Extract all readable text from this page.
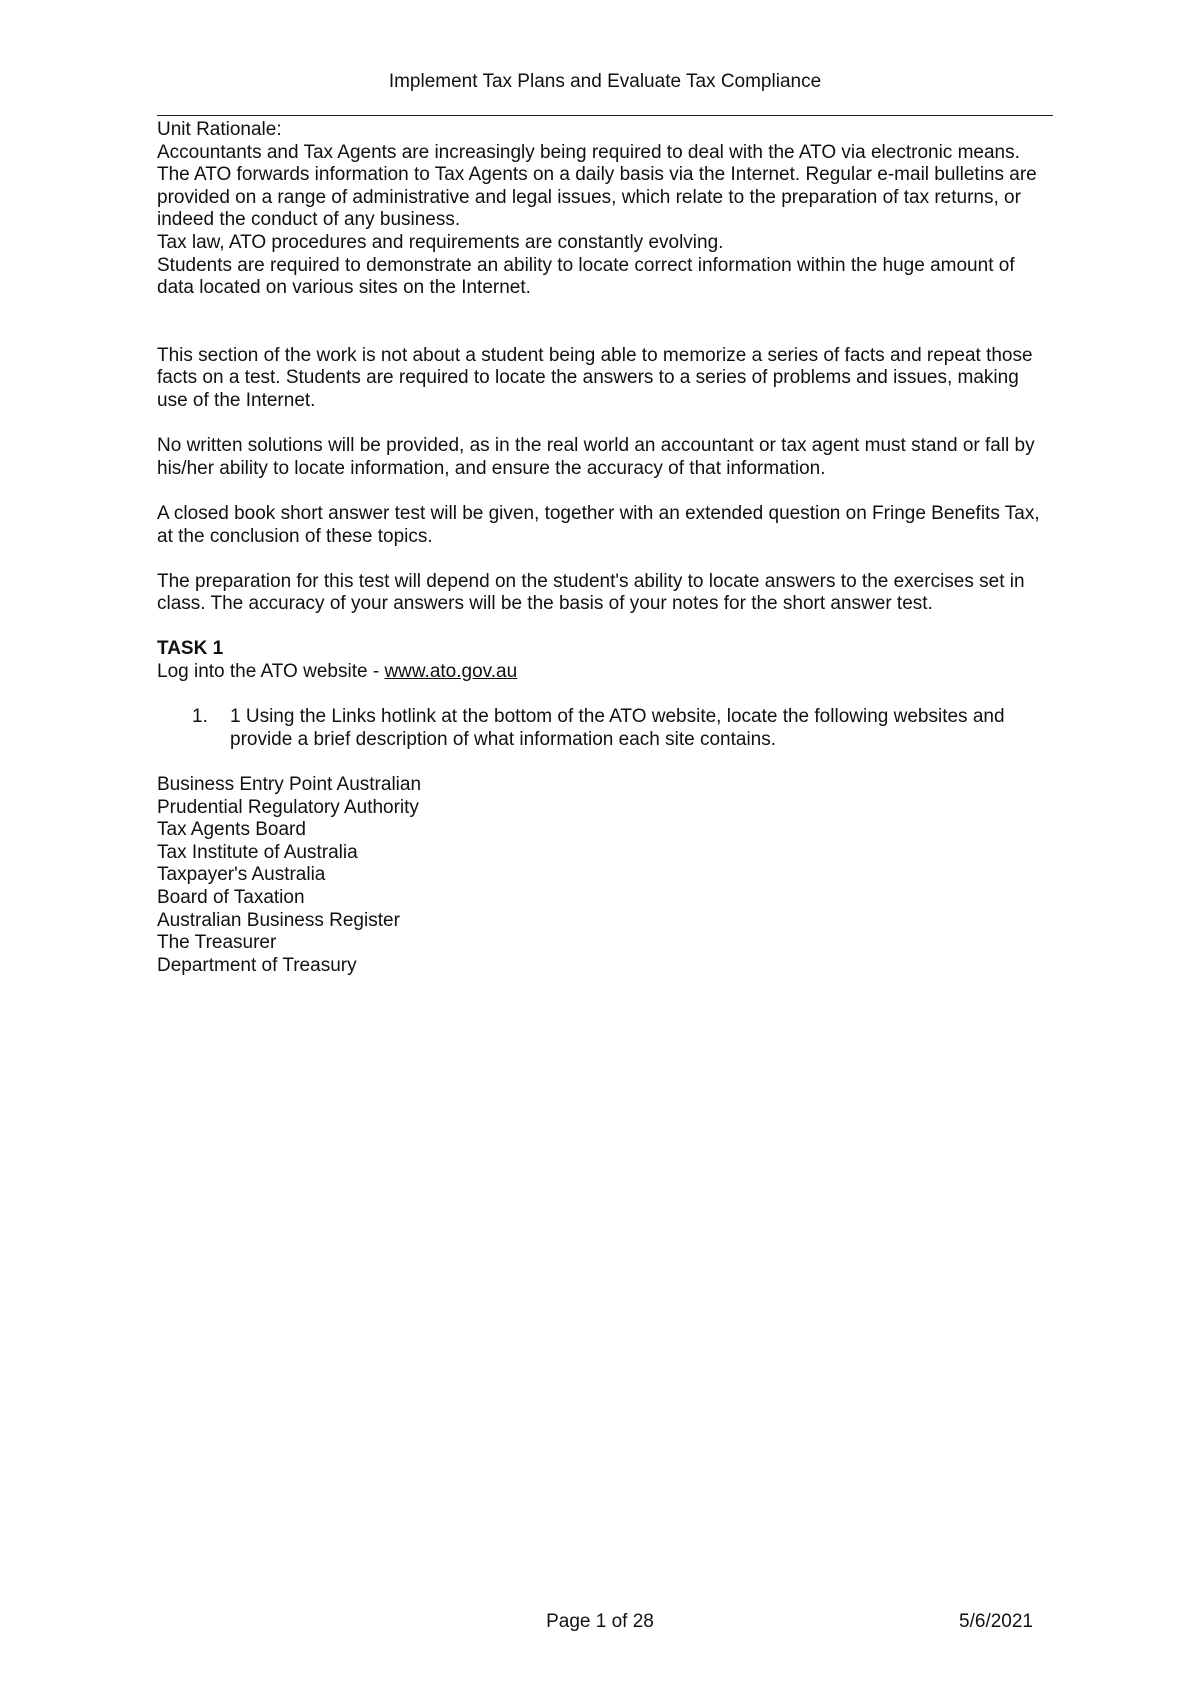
Implement Tax Plans and Evaluate Tax Compliance

Unit Rationale:

Accountants and Tax Agents are increasingly being required to deal with the ATO via electronic means.

The ATO forwards information to Tax Agents on a daily basis via the Internet. Regular e-mail bulletins are provided on a range of administrative and legal issues, which relate to the preparation of tax returns, or indeed the conduct of any business.

Tax law, ATO procedures and requirements are constantly evolving.

Students are required to demonstrate an ability to locate correct information within the huge amount of data located on various sites on the Internet.

This section of the work is not about a student being able to memorize a series of facts and repeat those facts on a test. Students are required to locate the answers to a series of problems and issues, making use of the Internet.

No written solutions will be provided, as in the real world an accountant or tax agent must stand or fall by his/her ability to locate information, and ensure the accuracy of that information.

A closed book short answer test will be given, together with an extended question on Fringe Benefits Tax, at the conclusion of these topics.

The preparation for this test will depend on the student's ability to locate answers to the exercises set in class. The accuracy of your answers will be the basis of your notes for the short answer test.

TASK 1

Log into the ATO website - www.ato.gov.au

1. 1 Using the Links hotlink at the bottom of the ATO website, locate the following websites and provide a brief description of what information each site contains.

Business Entry Point Australian

Prudential Regulatory Authority

Tax Agents Board

Tax Institute of Australia

Taxpayer's Australia

Board of Taxation

Australian Business Register

The Treasurer

Department of Treasury

Page 1 of 28	5/6/2021
